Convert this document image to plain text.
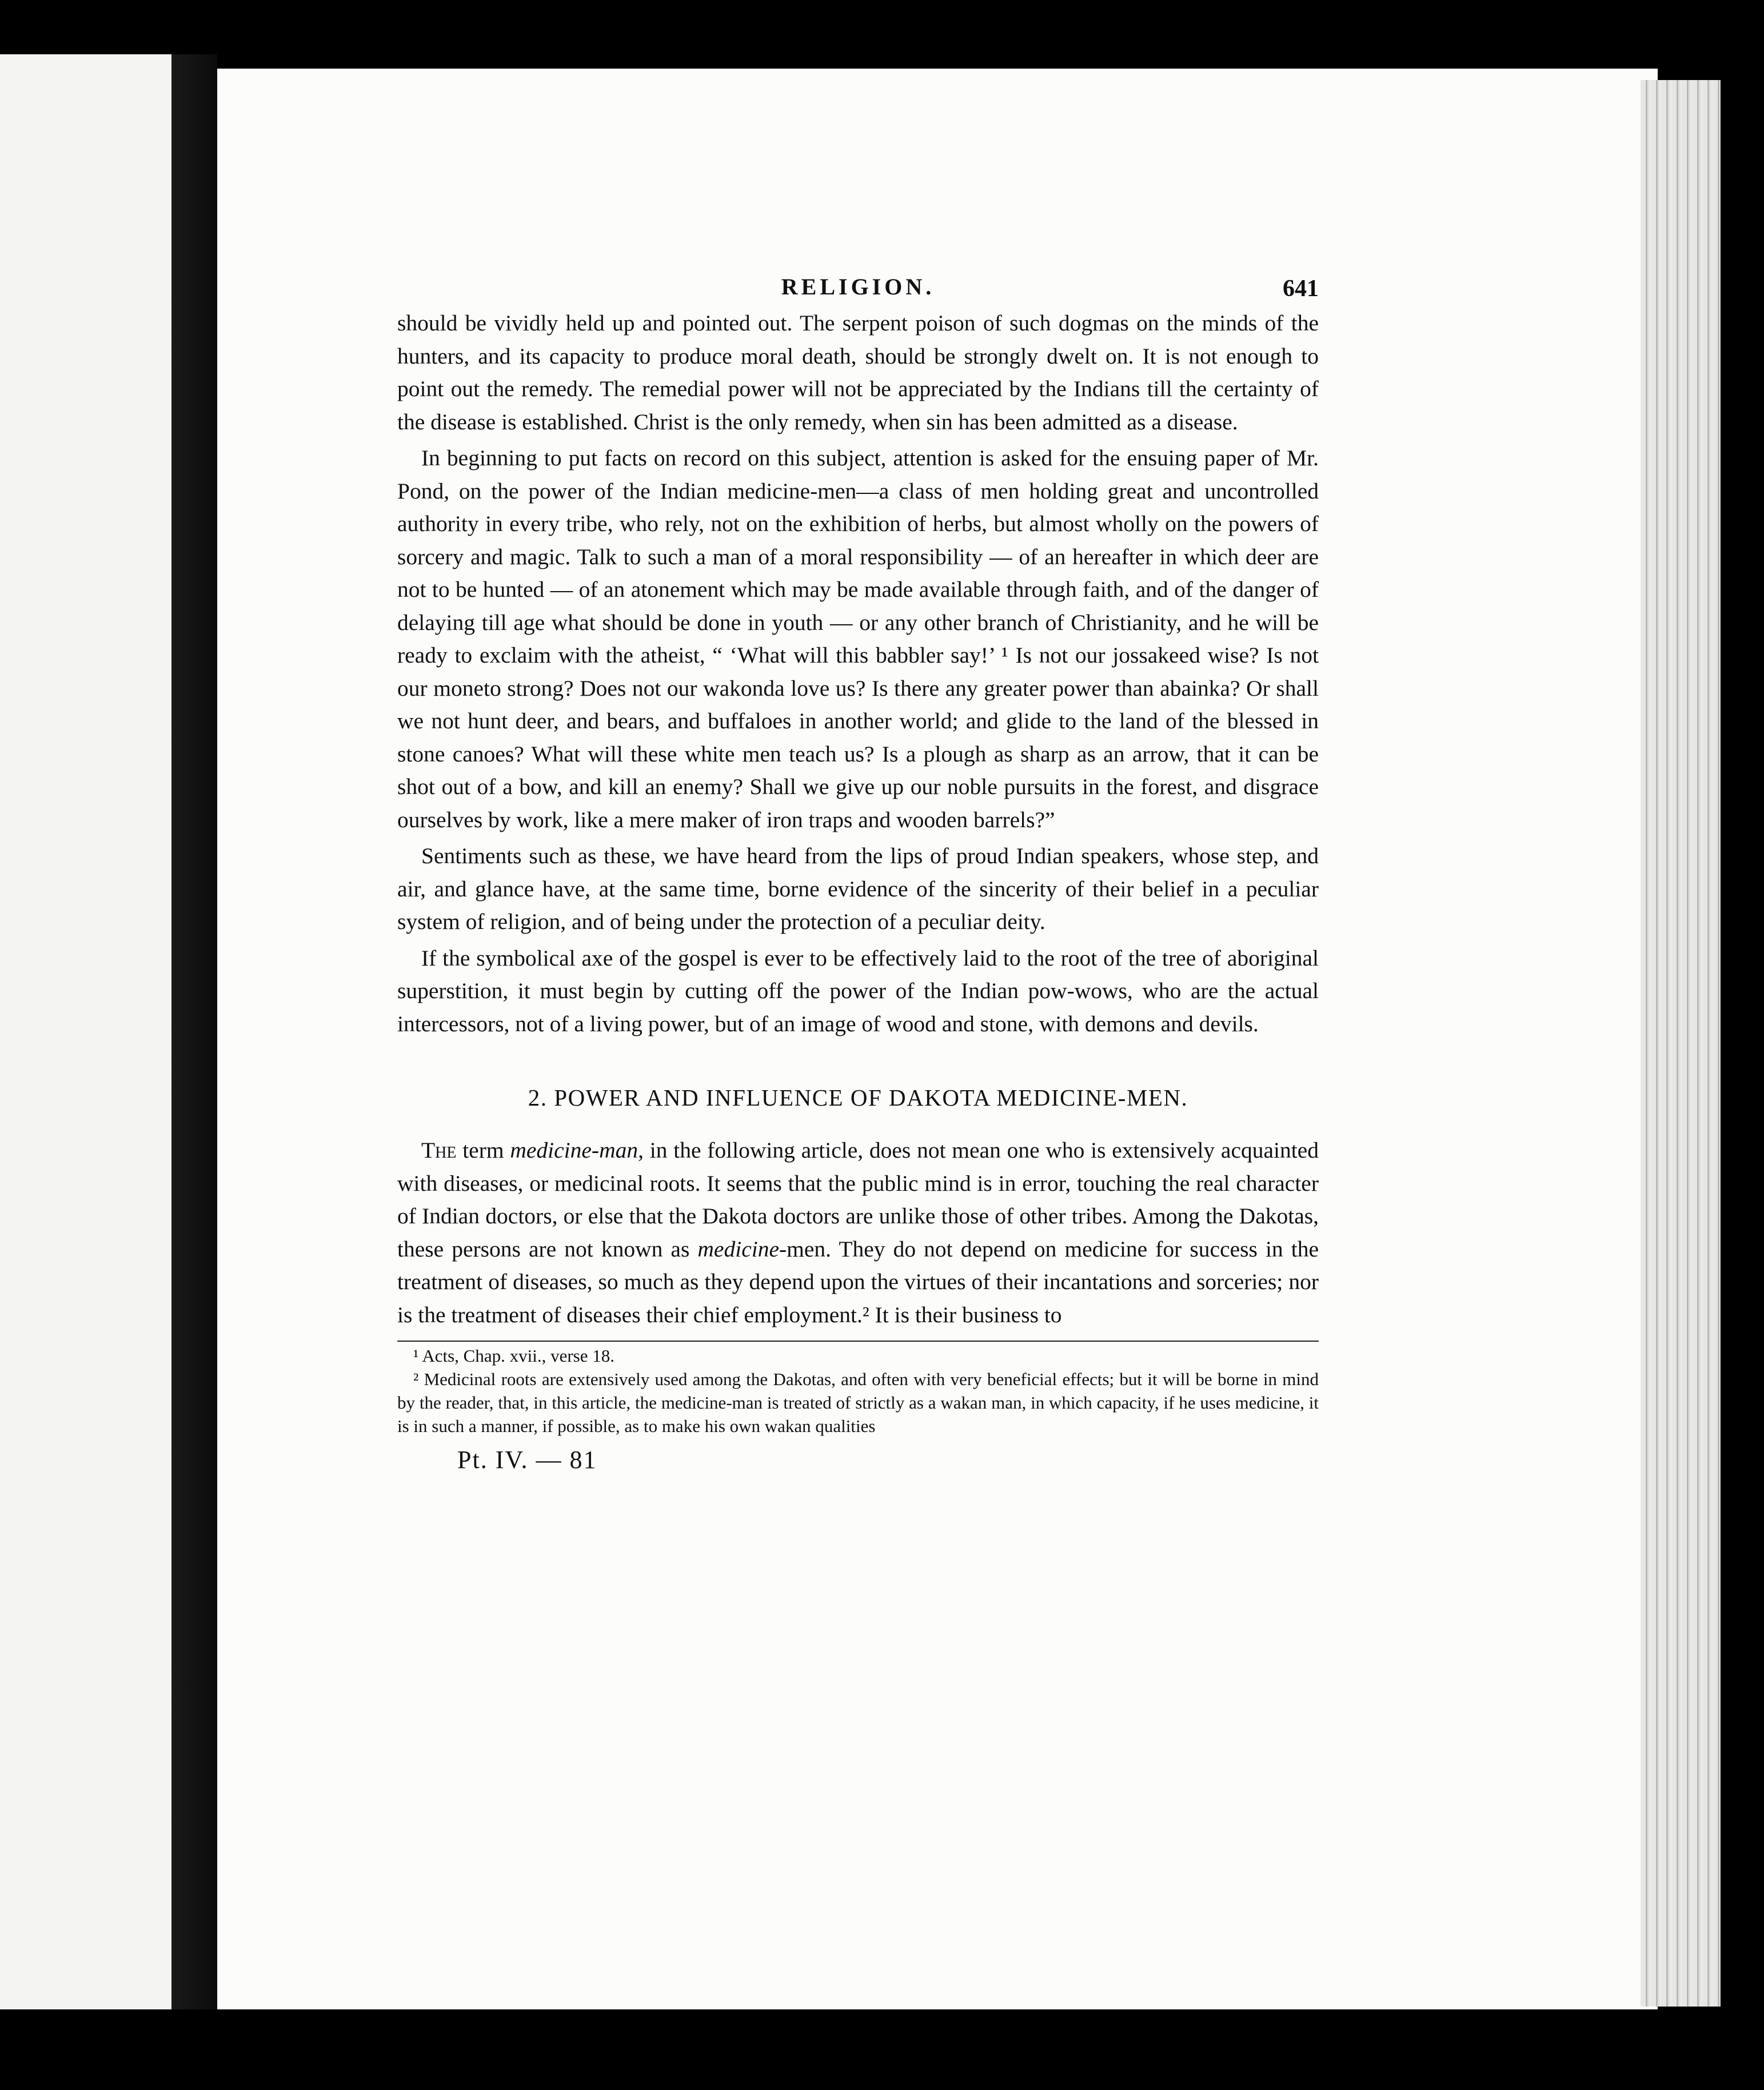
RELIGION.	641

should be vividly held up and pointed out. The serpent poison of such dogmas on the minds of the hunters, and its capacity to produce moral death, should be strongly dwelt on. It is not enough to point out the remedy. The remedial power will not be appreciated by the Indians till the certainty of the disease is established. Christ is the only remedy, when sin has been admitted as a disease.

In beginning to put facts on record on this subject, attention is asked for the ensuing paper of Mr. Pond, on the power of the Indian medicine-men—a class of men holding great and uncontrolled authority in every tribe, who rely, not on the exhibition of herbs, but almost wholly on the powers of sorcery and magic. Talk to such a man of a moral responsibility — of an hereafter in which deer are not to be hunted — of an atonement which may be made available through faith, and of the danger of delaying till age what should be done in youth — or any other branch of Christianity, and he will be ready to exclaim with the atheist, “ ‘What will this babbler say!’ ¹ Is not our jossakeed wise? Is not our moneto strong? Does not our wakonda love us? Is there any greater power than abainka? Or shall we not hunt deer, and bears, and buffaloes in another world; and glide to the land of the blessed in stone canoes? What will these white men teach us? Is a plough as sharp as an arrow, that it can be shot out of a bow, and kill an enemy? Shall we give up our noble pursuits in the forest, and disgrace ourselves by work, like a mere maker of iron traps and wooden barrels?”

Sentiments such as these, we have heard from the lips of proud Indian speakers, whose step, and air, and glance have, at the same time, borne evidence of the sincerity of their belief in a peculiar system of religion, and of being under the protection of a peculiar deity.

If the symbolical axe of the gospel is ever to be effectively laid to the root of the tree of aboriginal superstition, it must begin by cutting off the power of the Indian pow-wows, who are the actual intercessors, not of a living power, but of an image of wood and stone, with demons and devils.

2. POWER AND INFLUENCE OF DAKOTA MEDICINE-MEN.

The term medicine-man, in the following article, does not mean one who is extensively acquainted with diseases, or medicinal roots. It seems that the public mind is in error, touching the real character of Indian doctors, or else that the Dakota doctors are unlike those of other tribes. Among the Dakotas, these persons are not known as medicine-men. They do not depend on medicine for success in the treatment of diseases, so much as they depend upon the virtues of their incantations and sorceries; nor is the treatment of diseases their chief employment.² It is their business to

¹ Acts, Chap. xvii., verse 18.

² Medicinal roots are extensively used among the Dakotas, and often with very beneficial effects; but it will be borne in mind by the reader, that, in this article, the medicine-man is treated of strictly as a wakan man, in which capacity, if he uses medicine, it is in such a manner, if possible, as to make his own wakan qualities

Pt. IV. — 81
